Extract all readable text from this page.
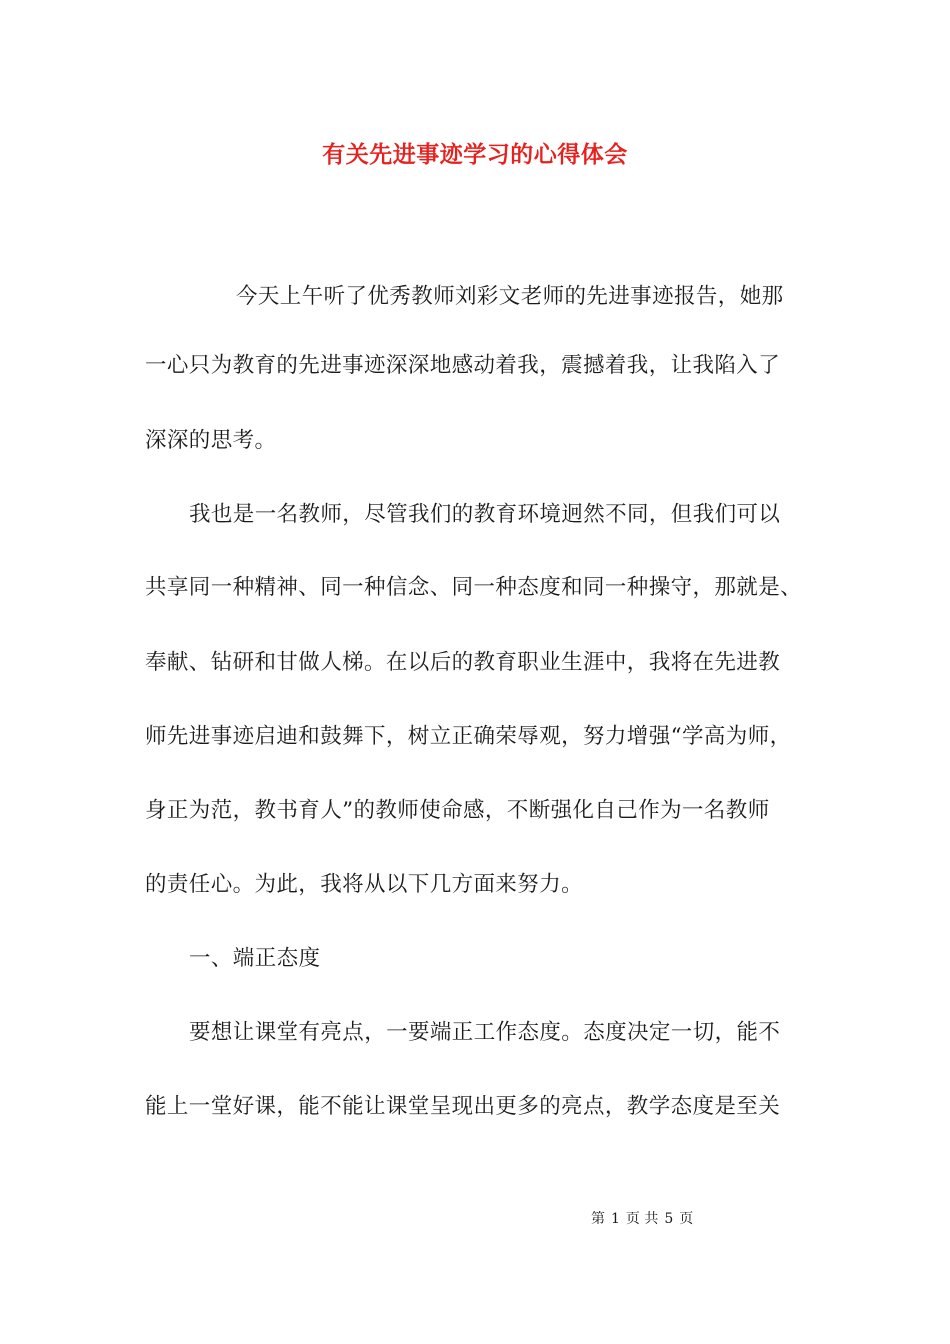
有关先进事迹学习的心得体会
今天上午听了优秀教师刘彩文老师的先进事迹报告，她那
一心只为教育的先进事迹深深地感动着我，震撼着我，让我陷入了
深深的思考。
我也是一名教师，尽管我们的教育环境迥然不同，但我们可以
共享同一种精神、同一种信念、同一种态度和同一种操守，那就是、
奉献、钻研和甘做人梯。在以后的教育职业生涯中，我将在先进教
师先进事迹启迪和鼓舞下，树立正确荣辱观，努力增强“学高为师，
身正为范，教书育人”的教师使命感，不断强化自己作为一名教师
的责任心。为此，我将从以下几方面来努力。
一、端正态度
要想让课堂有亮点，一要端正工作态度。态度决定一切，能不
能上一堂好课，能不能让课堂呈现出更多的亮点，教学态度是至关
第 1 页 共 5 页
